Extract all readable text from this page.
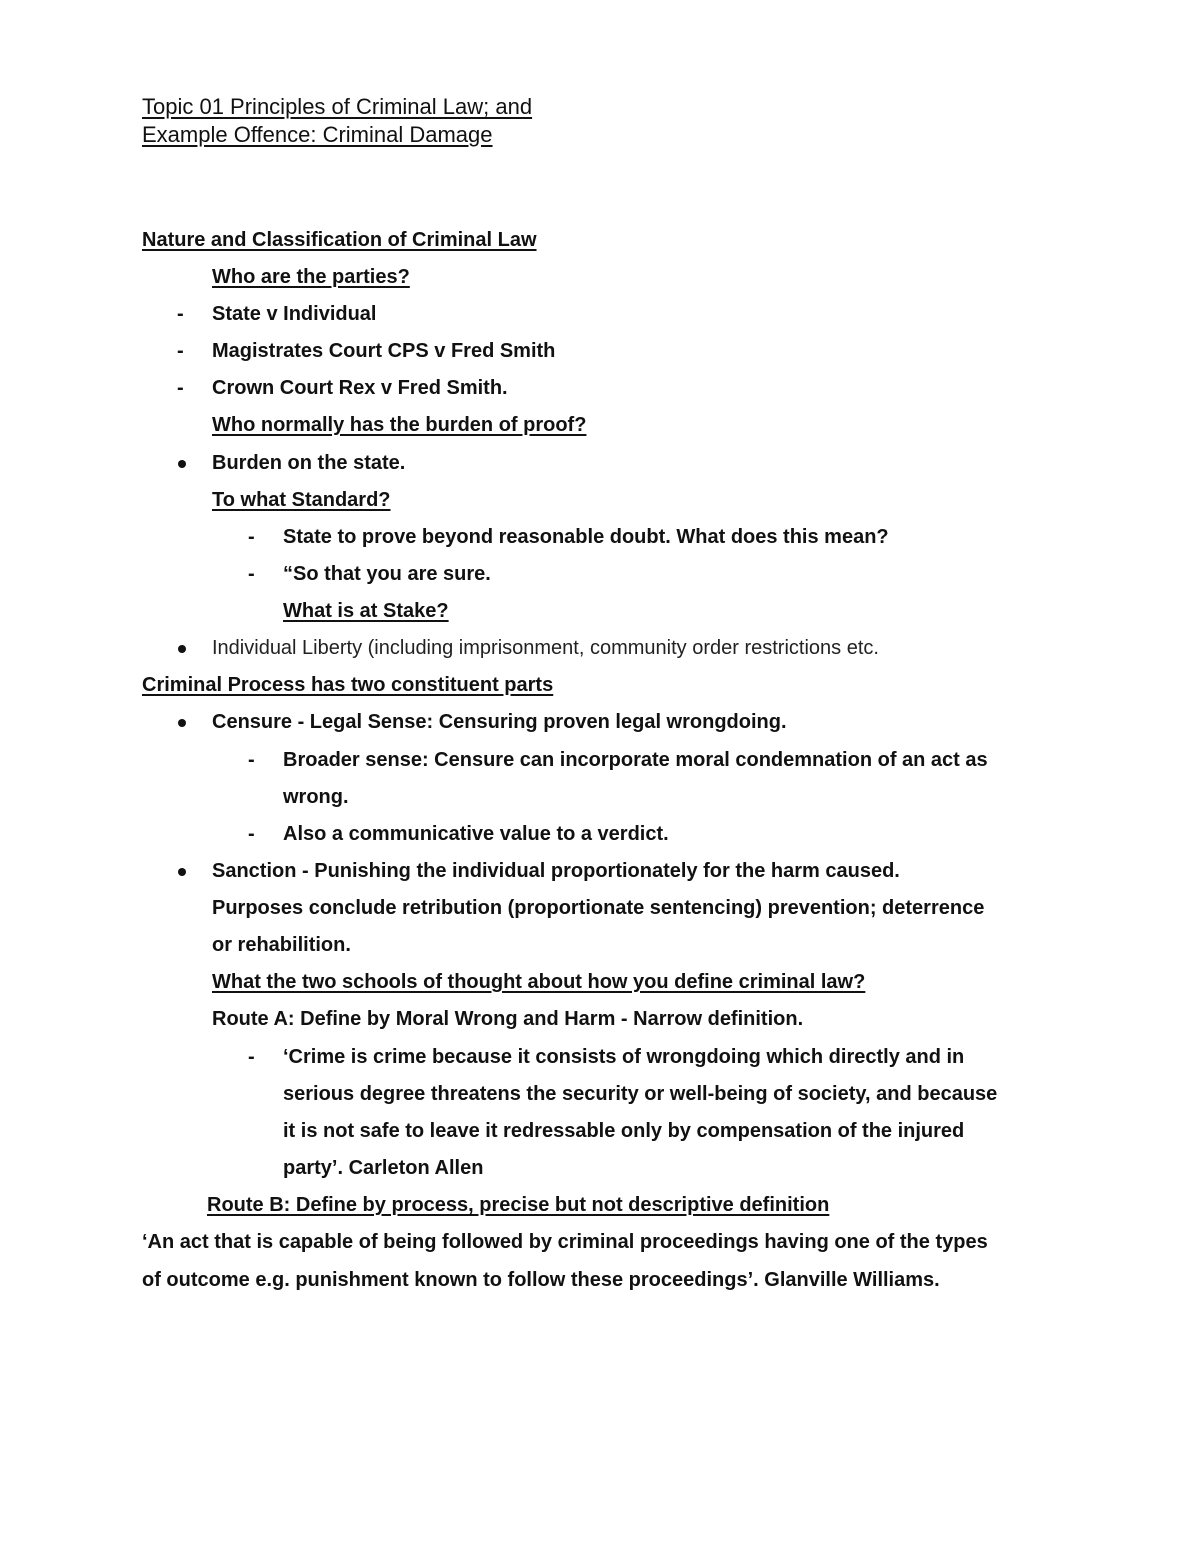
Topic 01 Principles of Criminal Law; and
Example Offence: Criminal Damage
Nature and Classification of Criminal Law
Who are the parties?
- State v Individual
- Magistrates Court CPS v Fred Smith
- Crown Court Rex v Fred Smith.
Who normally has the burden of proof?
Burden on the state.
To what Standard?
- State to prove beyond reasonable doubt. What does this mean?
- “So that you are sure.
What is at Stake?
Individual Liberty (including imprisonment, community order restrictions etc.
Criminal Process has two constituent parts
Censure - Legal Sense: Censuring proven legal wrongdoing.
- Broader sense: Censure can incorporate moral condemnation of an act as
wrong.
- Also a communicative value to a verdict.
Sanction - Punishing the individual proportionately for the harm caused.
Purposes conclude retribution (proportionate sentencing) prevention; deterrence
or rehabilition.
What the two schools of thought about how you define criminal law?
Route A: Define by Moral Wrong and Harm - Narrow definition.
- ‘Crime is crime because it consists of wrongdoing which directly and in
serious degree threatens the security or well-being of society, and because
it is not safe to leave it redressable only by compensation of the injured
party’. Carleton Allen
Route B: Define by process, precise but not descriptive definition
‘An act that is capable of being followed by criminal proceedings having one of the types
of outcome e.g. punishment known to follow these proceedings’. Glanville Williams.
